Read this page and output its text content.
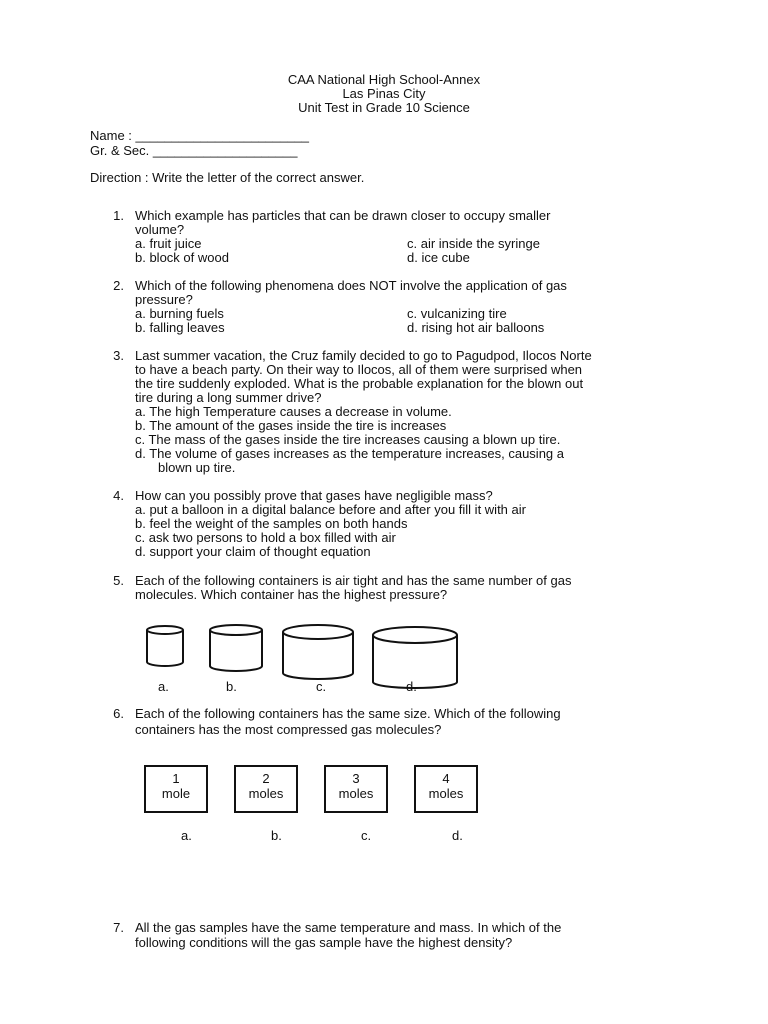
CAA National High School-Annex
Las Pinas City
Unit Test in Grade 10 Science
Name : ________________________
Gr. & Sec. ____________________
Direction : Write the letter of the correct answer.
1. Which example has particles that can be drawn closer to occupy smaller
volume?
a. fruit juice
b. block of wood
c. air inside the syringe
d. ice cube
2. Which of the following phenomena does NOT involve the application of gas
pressure?
a. burning fuels
b. falling leaves
c. vulcanizing tire
d. rising hot air balloons
3. Last summer vacation, the Cruz family decided to go to Pagudpod, Ilocos Norte
to have a beach party. On their way to Ilocos, all of them were surprised when
the tire suddenly exploded. What is the probable explanation for the blown out
tire during a long summer drive?
a. The high Temperature causes a decrease in volume.
b. The amount of the gases inside the tire is increases
c. The mass of the gases inside the tire increases causing a blown up tire.
d. The volume of gases increases as the temperature increases, causing a
blown up tire.
4. How can you possibly prove that gases have negligible mass?
a. put a balloon in a digital balance before and after you fill it with air
b. feel the weight of the samples on both hands
c. ask two persons to hold a box filled with air
d. support your claim of thought equation
5. Each of the following containers is air tight and has the same number of gas
molecules. Which container has the highest pressure?
a.	b.	c.	d.
6. Each of the following containers has the same size. Which of the following
containers has the most compressed gas molecules?
1
mole
2
moles
3
moles
4
moles
a.	b.	c.	d.
7. All the gas samples have the same temperature and mass. In which of the
following conditions will the gas sample have the highest density?
